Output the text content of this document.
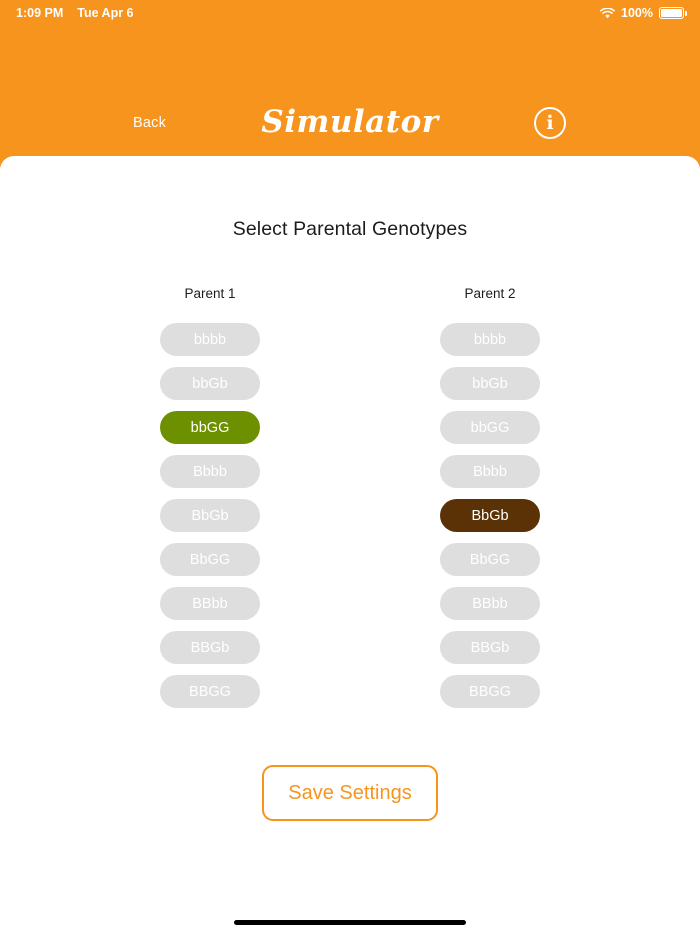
1:09 PM Tue Apr 6	100%
Back	Simulator	i
Select Parental Genotypes
Parent 1
bbbb
bbGb
bbGG
Bbbb
BbGb
BbGG
BBbb
BBGb
BBGG
Parent 2
bbbb
bbGb
bbGG
Bbbb
BbGb
BbGG
BBbb
BBGb
BBGG
Save Settings
